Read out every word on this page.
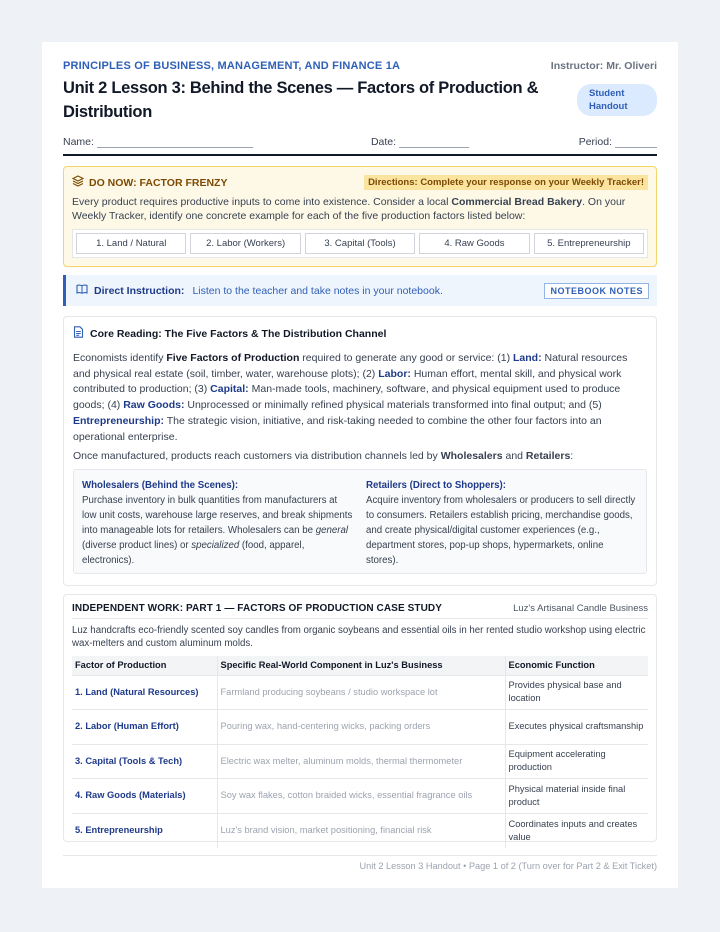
PRINCIPLES OF BUSINESS, MANAGEMENT, AND FINANCE 1A	Instructor: Mr. Oliveri
Unit 2 Lesson 3: Behind the Scenes — Factors of Production & Distribution
Student Handout
Name:	Date:	Period:
DO NOW: FACTOR FRENZY	Directions: Complete your response on your Weekly Tracker!
Every product requires productive inputs to come into existence. Consider a local Commercial Bread Bakery. On your Weekly Tracker, identify one concrete example for each of the five production factors listed below:
1. Land / Natural	2. Labor (Workers)	3. Capital (Tools)	4. Raw Goods	5. Entrepreneurship
Direct Instruction: Listen to the teacher and take notes in your notebook.	NOTEBOOK NOTES
Core Reading: The Five Factors & The Distribution Channel

Economists identify Five Factors of Production required to generate any good or service: (1) Land: Natural resources and physical real estate (soil, timber, water, warehouse plots); (2) Labor: Human effort, mental skill, and physical work contributed to production; (3) Capital: Man-made tools, machinery, software, and physical equipment used to produce goods; (4) Raw Goods: Unprocessed or minimally refined physical materials transformed into final output; and (5) Entrepreneurship: The strategic vision, initiative, and risk-taking needed to combine the other four factors into an operational enterprise.

Once manufactured, products reach customers via distribution channels led by Wholesalers and Retailers:

Wholesalers (Behind the Scenes):
Purchase inventory in bulk quantities from manufacturers at low unit costs, warehouse large reserves, and break shipments into manageable lots for retailers. Wholesalers can be general (diverse product lines) or specialized (food, apparel, electronics).
Retailers (Direct to Shoppers):
Acquire inventory from wholesalers or producers to sell directly to consumers. Retailers establish pricing, merchandise goods, and create physical/digital customer experiences (e.g., department stores, pop-up shops, hypermarkets, online stores).
INDEPENDENT WORK: PART 1 — FACTORS OF PRODUCTION CASE STUDY	Luz's Artisanal Candle Business
Luz handcrafts eco-friendly scented soy candles from organic soybeans and essential oils in her rented studio workshop using electric wax-melters and custom aluminum molds.
Factor of Production	Specific Real-World Component in Luz's Business	Economic Function
1. Land (Natural Resources)	Farmland producing soybeans / studio workspace lot	Provides physical base and location
2. Labor (Human Effort)	Pouring wax, hand-centering wicks, packing orders	Executes physical craftsmanship
3. Capital (Tools & Tech)	Electric wax melter, aluminum molds, thermal thermometer	Equipment accelerating production
4. Raw Goods (Materials)	Soy wax flakes, cotton braided wicks, essential fragrance oils	Physical material inside final product
5. Entrepreneurship	Luz's brand vision, market positioning, financial risk	Coordinates inputs and creates value
Unit 2 Lesson 3 Handout • Page 1 of 2 (Turn over for Part 2 & Exit Ticket)
